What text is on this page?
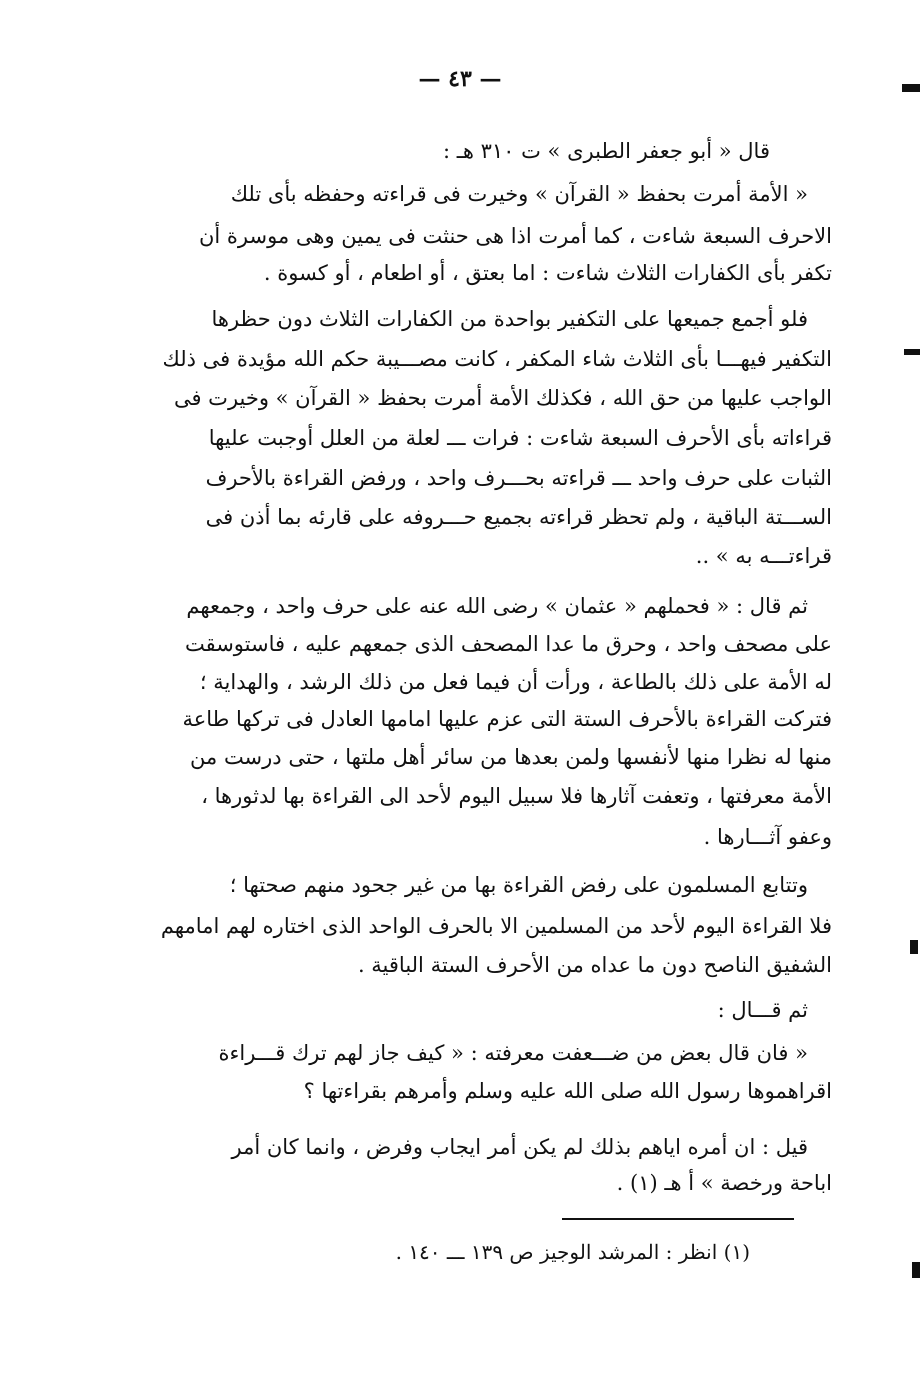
— ٤٣ —
قال « أبو جعفر الطبرى » ت ٣١٠ هـ :
« الأمة أمرت بحفظ « القرآن » وخيرت فى قراءته وحفظه بأى تلك
الاحرف السبعة شاءت ، كما أمرت اذا هى حنثت فى يمين وهى موسرة أن
تكفر بأى الكفارات الثلاث شاءت : اما بعتق ، أو اطعام ، أو كسوة .
فلو أجمع جميعها على التكفير بواحدة من الكفارات الثلاث دون حظرها
التكفير فيهـــا بأى الثلاث شاء المكفر ، كانت مصـــيبة حكم الله مؤيدة فى ذلك
الواجب عليها من حق الله ، فكذلك الأمة أمرت بحفظ « القرآن » وخيرت فى
قراءاته بأى الأحرف السبعة شاءت : فرات ـــ لعلة من العلل أوجبت عليها
الثبات على حرف واحد ـــ قراءته بحـــرف واحد ، ورفض القراءة بالأحرف
الســـتة الباقية ، ولم تحظر قراءته بجميع حـــروفه على قارئه بما أذن فى
قراءتـــه به » ..
ثم قال : « فحملهم « عثمان » رضى الله عنه على حرف واحد ، وجمعهم
على مصحف واحد ، وحرق ما عدا المصحف الذى جمعهم عليه ، فاستوسقت
له الأمة على ذلك بالطاعة ، ورأت أن فيما فعل من ذلك الرشد ، والهداية ؛
فتركت القراءة بالأحرف الستة التى عزم عليها امامها العادل فى تركها طاعة
منها له نظرا منها لأنفسها ولمن بعدها من سائر أهل ملتها ، حتى درست من
الأمة معرفتها ، وتعفت آثارها فلا سبيل اليوم لأحد الى القراءة بها لدثورها ،
وعفو آثـــارها .
وتتابع المسلمون على رفض القراءة بها من غير جحود منهم صحتها ؛
فلا القراءة اليوم لأحد من المسلمين الا بالحرف الواحد الذى اختاره لهم امامهم
الشفيق الناصح دون ما عداه من الأحرف الستة الباقية .
ثم قـــال :
« فان قال بعض من ضـــعفت معرفته : « كيف جاز لهم ترك قـــراءة
اقراهموها رسول الله صلى الله عليه وسلم وأمرهم بقراءتها ؟
قيل : ان أمره اياهم بذلك لم يكن أمر ايجاب وفرض ، وانما كان أمر
اباحة ورخصة » أ هـ (١) .
(١) انظر : المرشد الوجيز ص ١٣٩ ـــ ١٤٠ .
